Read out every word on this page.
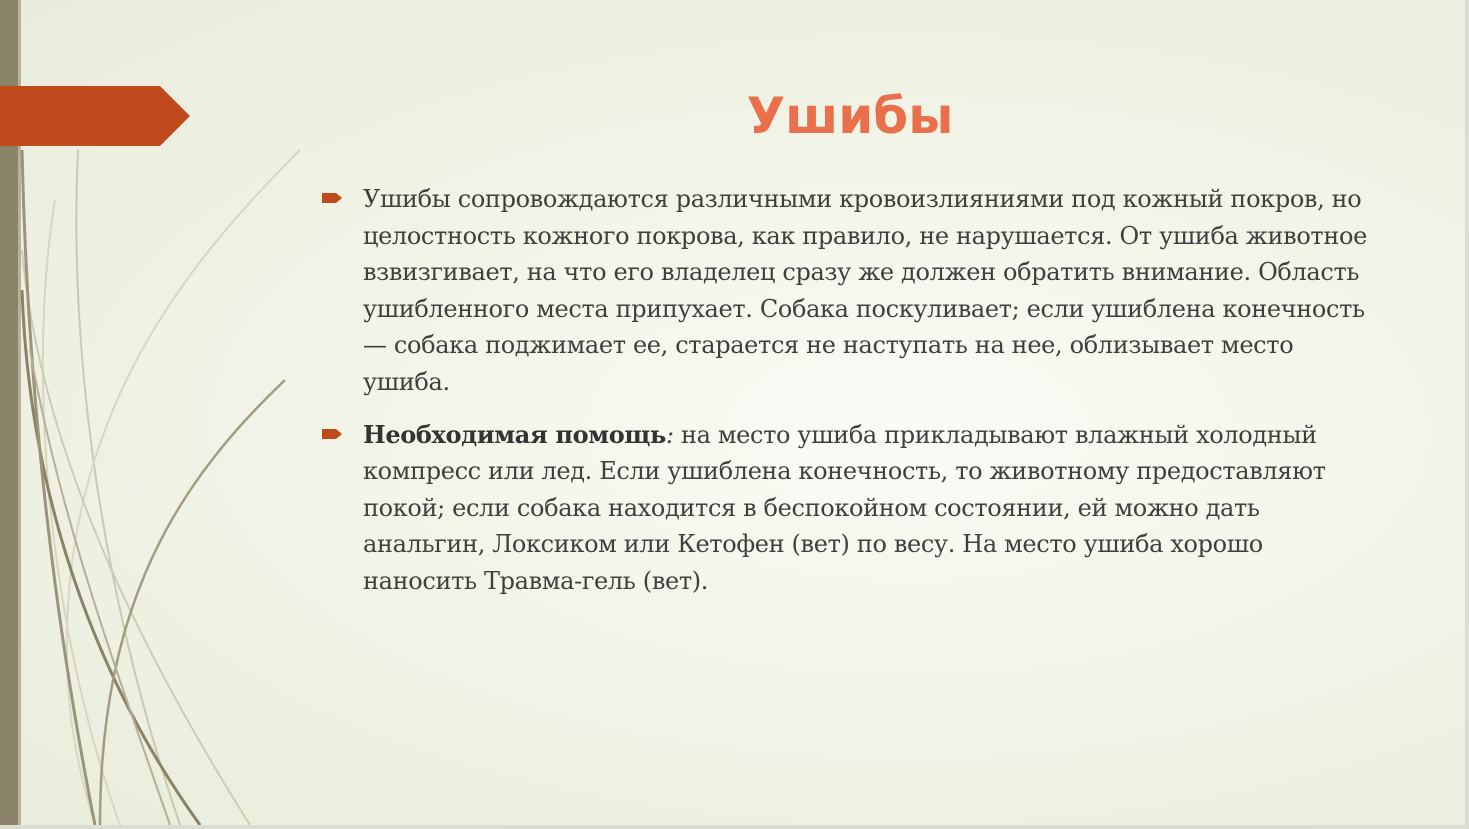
Ушибы

Ушибы сопровождаются различными кровоизлияниями под кожный покров, но целостность кожного покрова, как правило, не нарушается. От ушиба животное взвизгивает, на что его владелец сразу же должен обратить внимание. Область ушибленного места припухает. Собака поскуливает; если ушиблена конечность — собака поджимает ее, старается не наступать на нее, облизывает место ушиба.

Необходимая помощь: на место ушиба прикладывают влажный холодный компресс или лед. Если ушиблена конечность, то животному предоставляют покой; если собака находится в беспокойном состоянии, ей можно дать анальгин, Локсиком или Кетофен (вет) по весу. На место ушиба хорошо наносить Травма-гель (вет).
